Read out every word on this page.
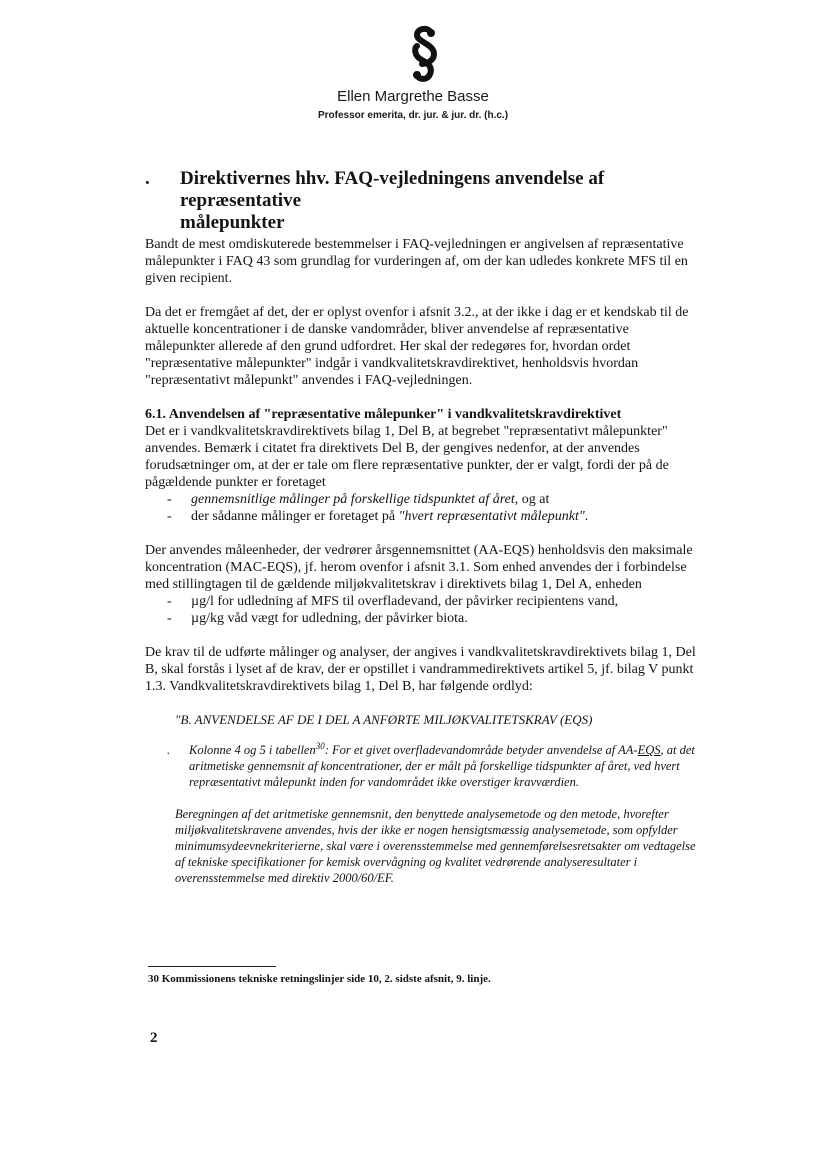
Ellen Margrethe Basse
Professor emerita, dr. jur. & jur. dr. (h.c.)
.	Direktivernes hhv. FAQ-vejledningens anvendelse af repræsentative
målepunkter

Bandt de mest omdiskuterede bestemmelser i FAQ-vejledningen er angivelsen af repræsentative målepunkter i FAQ 43 som grundlag for vurderingen af, om der kan udledes konkrete MFS til en given recipient.

Da det er fremgået af det, der er oplyst ovenfor i afsnit 3.2., at der ikke i dag er et kendskab til de aktuelle koncentrationer i de danske vandområder, bliver anvendelse af repræsentative målepunkter allerede af den grund udfordret. Her skal der redegøres for, hvordan ordet "repræsentative målepunkter" indgår i vandkvalitetskravdirektivet, henholdsvis hvordan "repræsentativt målepunkt" anvendes i FAQ-vejledningen.

6.1. Anvendelsen af "repræsentative målepunker" i vandkvalitetskravdirektivet
Det er i vandkvalitetskravdirektivets bilag 1, Del B, at begrebet "repræsentativt målepunkter" anvendes. Bemærk i citatet fra direktivets Del B, der gengives nedenfor, at der anvendes forudsætninger om, at der er tale om flere repræsentative punkter, der er valgt, fordi der på de pågældende punkter er foretaget
-	gennemsnitlige målinger på forskellige tidspunktet af året, og at
-	der sådanne målinger er foretaget på "hvert repræsentativt målepunkt".
Der anvendes måleenheder, der vedrører årsgennemsnittet (AA-EQS) henholdsvis den maksimale koncentration (MAC-EQS), jf. herom ovenfor i afsnit 3.1. Som enhed anvendes der i forbindelse med stillingtagen til de gældende miljøkvalitetskrav i direktivets bilag 1, Del A, enheden
-	µg/l for udledning af MFS til overfladevand, der påvirker recipientens vand,
-	µg/kg våd vægt for udledning, der påvirker biota.
De krav til de udførte målinger og analyser, der angives i vandkvalitetskravdirektivets bilag 1, Del B, skal forstås i lyset af de krav, der er opstillet i vandrammedirektivets artikel 5, jf. bilag V punkt 1.3. Vandkvalitetskravdirektivets bilag 1, Del B, har følgende ordlyd:
"B. ANVENDELSE AF DE I DEL A ANFØRTE MILJØKVALITETSKRAV (EQS)
.	Kolonne 4 og 5 i tabellen$^{30}$: For et givet overfladevandområde betyder anvendelse af AA-EQS, at det aritmetiske gennemsnit af koncentrationer, der er målt på forskellige tidspunkter af året, ved hvert repræsentativt målepunkt inden for vandområdet ikke overstiger kravværdien.
Beregningen af det aritmetiske gennemsnit, den benyttede analysemetode og den metode, hvorefter miljøkvalitetskravene anvendes, hvis der ikke er nogen hensigtsmæssig analysemetode, som opfylder minimumsydeevnekriterierne, skal være i overensstemmelse med gennemførelsesretsakter om vedtagelse af tekniske specifikationer for kemisk overvågning og kvalitet vedrørende analyseresultater i overensstemmelse med direktiv 2000/60/EF.
30 Kommissionens tekniske retningslinjer side 10, 2. sidste afsnit, 9. linje.
2
